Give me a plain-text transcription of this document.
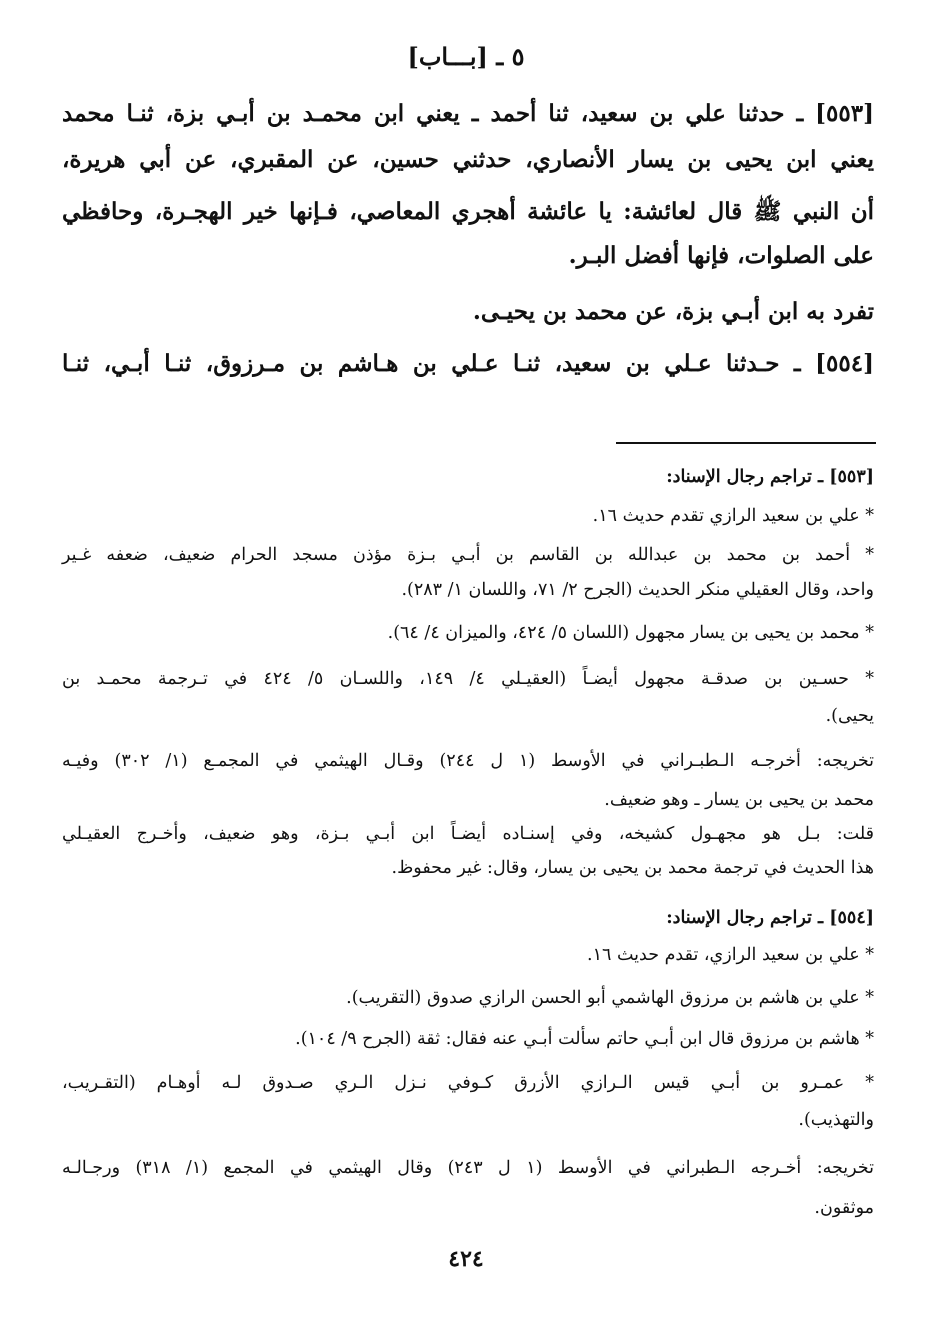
٥ ـ [بـــاب]
[٥٥٣] ـ حدثنا علي بن سعيد، ثنا أحمد ـ يعني ابن محمـد بن أبـي بزة، ثنـا محمد
يعني ابن يحيى بن يسار الأنصاري، حدثني حسين، عن المقبري، عن أبي هريرة،
أن النبي ﷺ قال لعائشة: يا عائشة أهجري المعاصي، فـإنها خير الهجـرة، وحافظي
على الصلوات، فإنها أفضل البـر.
تفرد به ابن أبـي بزة، عن محمد بن يحيـى.
[٥٥٤] ـ حـدثنا عـلي بن سعيد، ثنـا عـلي بن هـاشم بن مـرزوق، ثنـا أبـي، ثنـا
[٥٥٣] ـ تراجم رجال الإسناد:
* علي بن سعيد الرازي تقدم حديث ١٦.
* أحمد بن محمد بن عبدالله بن القاسم بن أبـي بـزة مؤذن مسجد الحرام ضعيف، ضعفه غـير
واحد، وقال العقيلي منكر الحديث (الجرح ٢/ ٧١، واللسان ١/ ٢٨٣).
* محمد بن يحيى بن يسار مجهول (اللسان ٥/ ٤٢٤، والميزان ٤/ ٦٤).
* حسـين بن صدقـة مجهول أيضـاً (العقيـلي ٤/ ١٤٩، واللسـان ٥/ ٤٢٤ في تـرجمة محمـد بن
يحيى).
تخريجه: أخرجـه الـطبـراني في الأوسط (١ ل ٢٤٤) وقـال الهيثمي في المجمـع (١/ ٣٠٢) وفيـه
محمد بن يحيى بن يسار ـ وهو ضعيف.
قلت: بـل هو مجهـول كشيخه، وفي إسنـاده أيضـاً ابن أبـي بـزة، وهو ضعيف، وأخـرج العقيـلي
هذا الحديث في ترجمة محمد بن يحيى بن يسار، وقال: غير محفوظ.
[٥٥٤] ـ تراجم رجال الإسناد:
* علي بن سعيد الرازي، تقدم حديث ١٦.
* علي بن هاشم بن مرزوق الهاشمي أبو الحسن الرازي صدوق (التقريب).
* هاشم بن مرزوق قال ابن أبـي حاتم سألت أبـي عنه فقال: ثقة (الجرح ٩/ ١٠٤).
* عمـرو بن أبـي قيس الـرازي الأزرق كـوفي نـزل الـري صـدوق لـه أوهـام (التقـريب،
والتهذيب).
تخريجه: أخـرجه الـطبراني في الأوسط (١ ل ٢٤٣) وقال الهيثمي في المجمع (١/ ٣١٨) ورجـالـه
موثقون.
٤٢٤
